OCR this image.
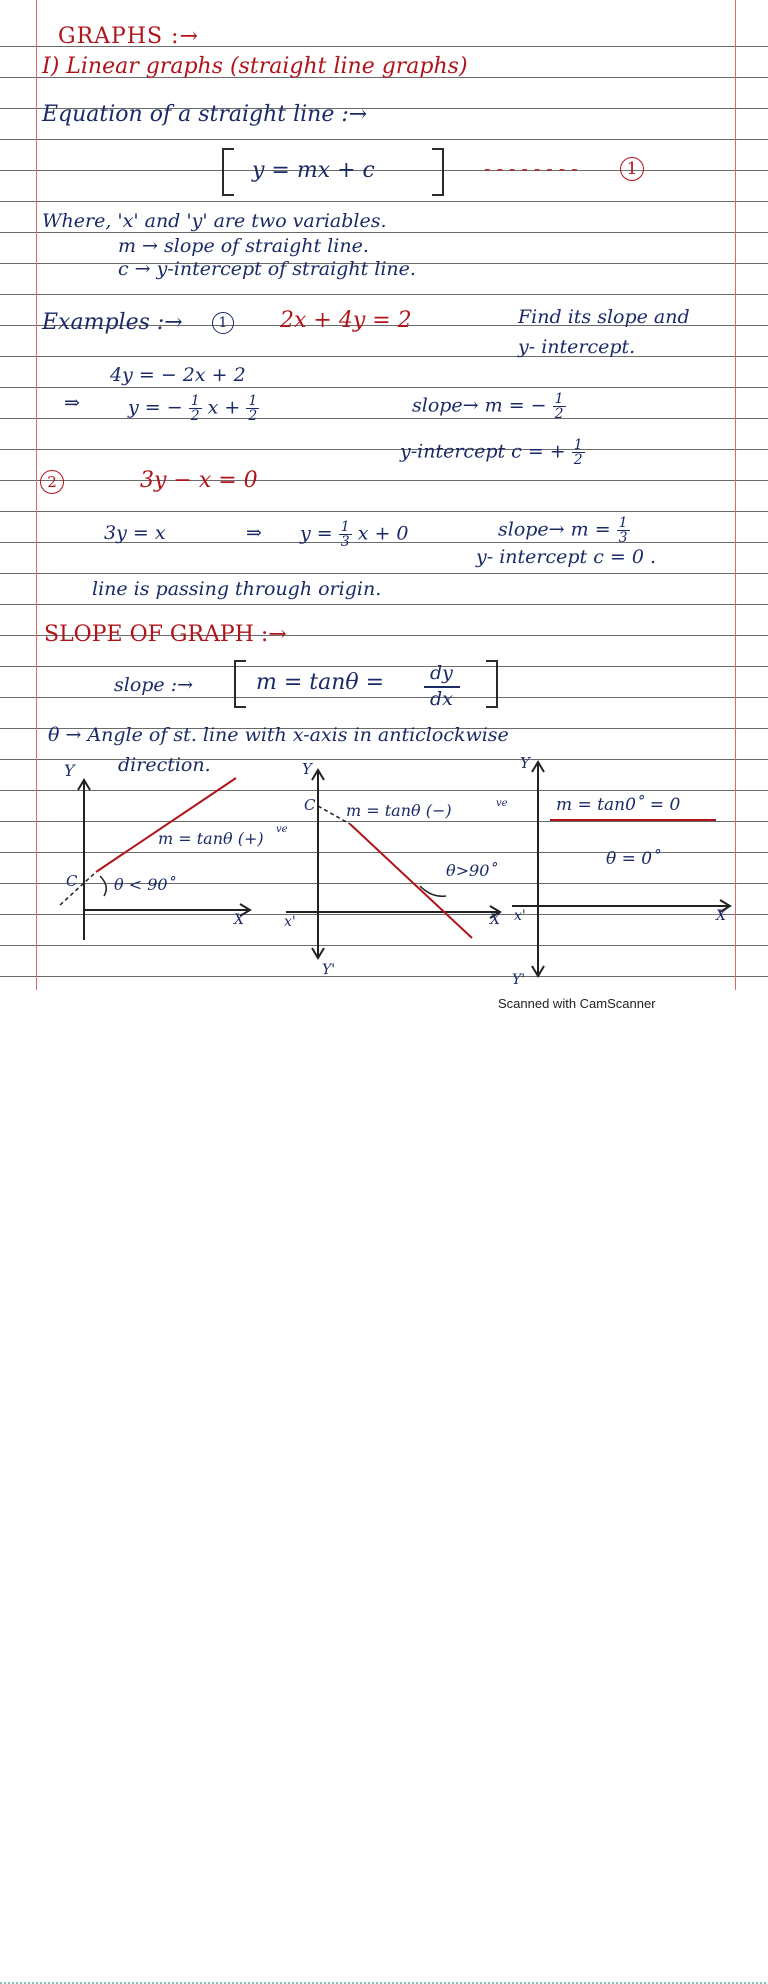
GRAPHS :→
I) Linear graphs (straight line graphs)
Equation of a straight line :→
y = mx + c	- - - - - - - -	1
Where, 'x' and 'y' are two variables.
m → slope of straight line.
c → y-intercept of straight line.
Examples :→	1 2x + 4y = 2	Find its slope and
y- intercept.
4y = − 2x + 2
⇒	y = − $\frac{1}{2}$ $x + \frac{1}{2}$	slope→ m = − $\frac{1}{2}$
y-intercept c = + $\frac{1}{2}$
2	3y − x = 0
3y = x	⇒ $y = \frac{1}{3}$ x + 0	slope→ $m = \frac{1}{3}$
y- intercept c = 0 .
line is passing through origin.
SLOPE OF GRAPH :→
slope :→	m = tanθ = dy
dx
θ → Angle of st. line with x-axis in anticlockwise
direction.
Y
X
C θ < 90˚
m = tanθ (+) ve
Y
Y'
X
x'
C
θ>90˚
m = tanθ (−)	ve
Y
Y'
X
x'
m = tan0˚ = 0
θ = 0˚
Scanned with CamScanner
